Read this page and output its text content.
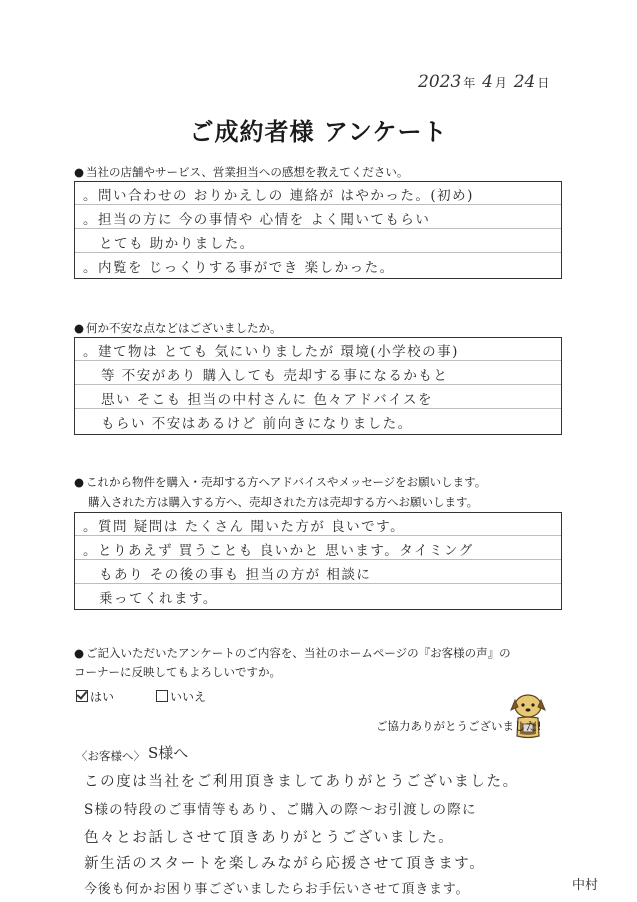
2023 年 4 月 24 日
ご成約者様 アンケート
● 当社の店舗やサービス、営業担当への感想を教えてください。
。問い合わせの おりかえしの 連絡が はやかった。(初め)
。担当の方に 今の事情や 心情を よく聞いてもらい
とても 助かりました。
。内覧を じっくりする事ができ 楽しかった。
● 何か不安な点などはございましたか。
。建て物は とても 気にいりましたが 環境(小学校の事)
等 不安があり 購入しても 売却する事になるかもと
思い そこも 担当の中村さんに 色々アドバイスを
もらい 不安はあるけど 前向きになりました。
● これから物件を購入・売却する方へアドバイスやメッセージをお願いします。
購入された方は購入する方へ、売却された方は売却する方へお願いします。
。質問 疑問は たくさん 聞いた方が 良いです。
。とりあえず 買うことも 良いかと 思います。タイミング
もあり その後の事も 担当の方が 相談に
乗ってくれます。
● ご記入いただいたアンケートのご内容を、当社のホームページの『お客様の声』の
コーナーに反映してもよろしいですか。
はい	いいえ
ご協力ありがとうございました!
〈お客様へ〉 S様へ
この度は当社をご利用頂きましてありがとうございました。
S様の特段のご事情等もあり、ご購入の際〜お引渡しの際に
色々とお話しさせて頂きありがとうございました。
新生活のスタートを楽しみながら応援させて頂きます。
今後も何かお困り事ございましたらお手伝いさせて頂きます。	中村
